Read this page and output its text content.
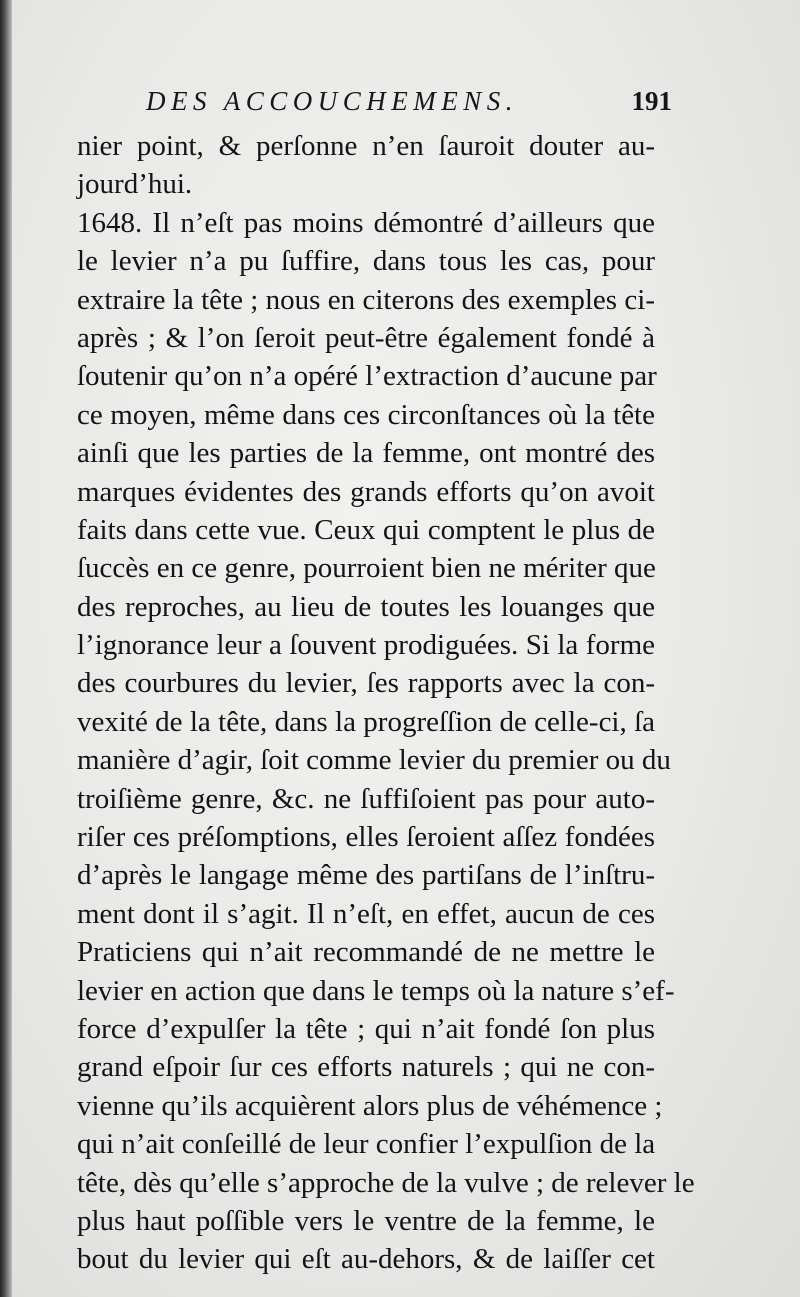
DES ACCOUCHEMENS.	191
nier point, & perſonne n’en ſauroit douter au-
jourd’hui.
1648. Il n’eſt pas moins démontré d’ailleurs que
le levier n’a pu ſuffire, dans tous les cas, pour
extraire la tête ; nous en citerons des exemples ci-
après ; & l’on ſeroit peut-être également fondé à
ſoutenir qu’on n’a opéré l’extraction d’aucune par
ce moyen, même dans ces circonſtances où la tête
ainſi que les parties de la femme, ont montré des
marques évidentes des grands efforts qu’on avoit
faits dans cette vue. Ceux qui comptent le plus de
ſuccès en ce genre, pourroient bien ne mériter que
des reproches, au lieu de toutes les louanges que
l’ignorance leur a ſouvent prodiguées. Si la forme
des courbures du levier, ſes rapports avec la con-
vexité de la tête, dans la progreſſion de celle-ci, ſa
manière d’agir, ſoit comme levier du premier ou du
troiſième genre, &c. ne ſuffiſoient pas pour auto-
riſer ces préſomptions, elles ſeroient aſſez fondées
d’après le langage même des partiſans de l’inſtru-
ment dont il s’agit. Il n’eſt, en effet, aucun de ces
Praticiens qui n’ait recommandé de ne mettre le
levier en action que dans le temps où la nature s’ef-
force d’expulſer la tête ; qui n’ait fondé ſon plus
grand eſpoir ſur ces efforts naturels ; qui ne con-
vienne qu’ils acquièrent alors plus de véhémence ;
qui n’ait conſeillé de leur confier l’expulſion de la
tête, dès qu’elle s’approche de la vulve ; de relever le
plus haut poſſible vers le ventre de la femme, le
bout du levier qui eſt au-dehors, & de laiſſer cet
